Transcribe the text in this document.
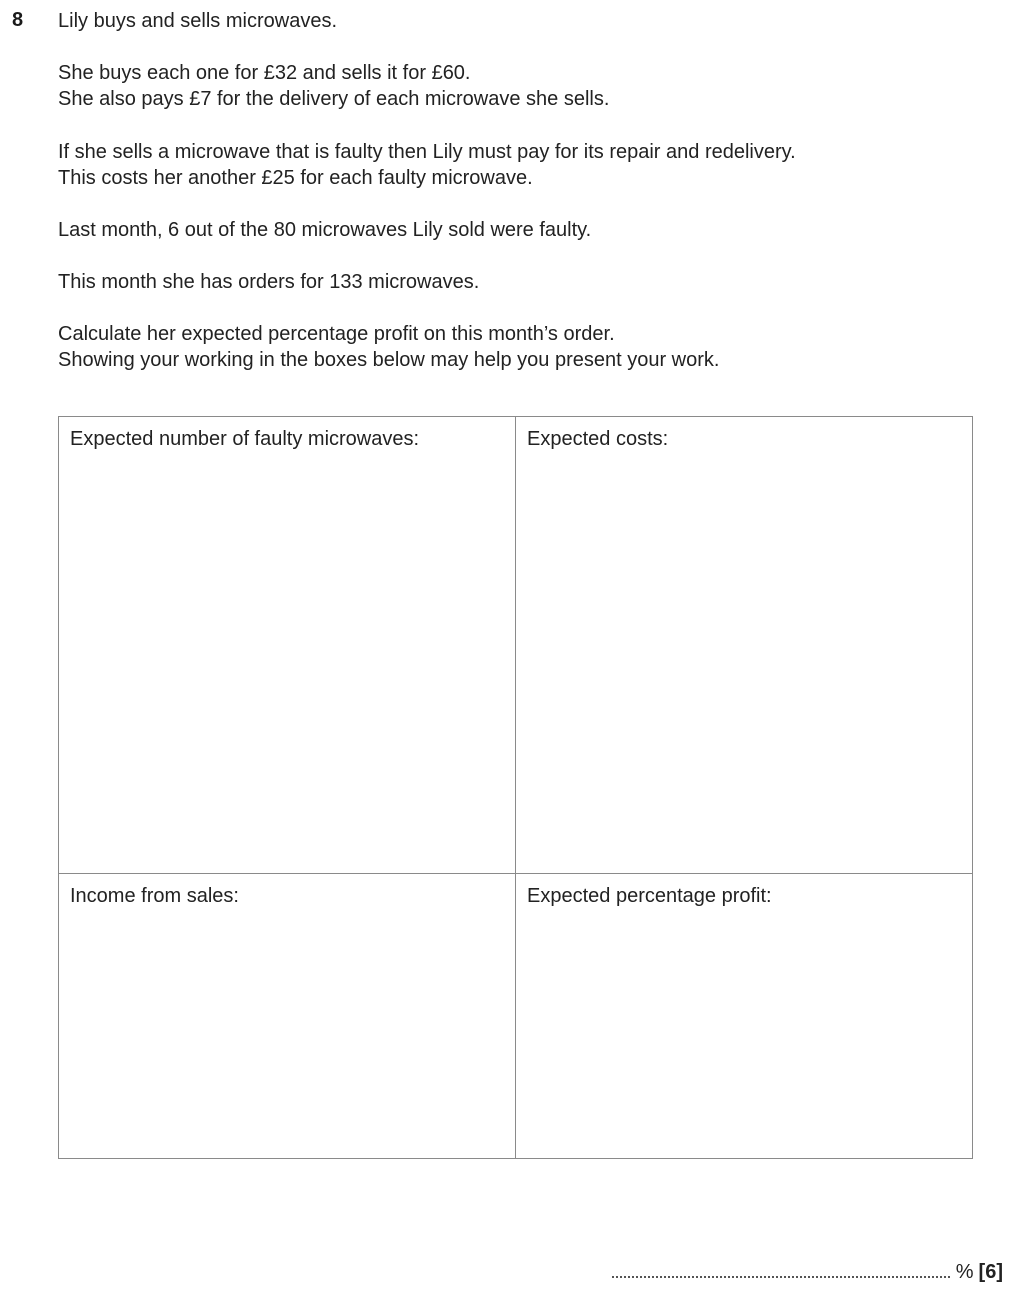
8 Lily buys and sells microwaves.

She buys each one for £32 and sells it for £60.
She also pays £7 for the delivery of each microwave she sells.

If she sells a microwave that is faulty then Lily must pay for its repair and redelivery.
This costs her another £25 for each faulty microwave.

Last month, 6 out of the 80 microwaves Lily sold were faulty.

This month she has orders for 133 microwaves.

Calculate her expected percentage profit on this month’s order.
Showing your working in the boxes below may help you present your work.

Expected number of faulty microwaves:	Expected costs:
Income from sales:	Expected percentage profit:
% [6]
